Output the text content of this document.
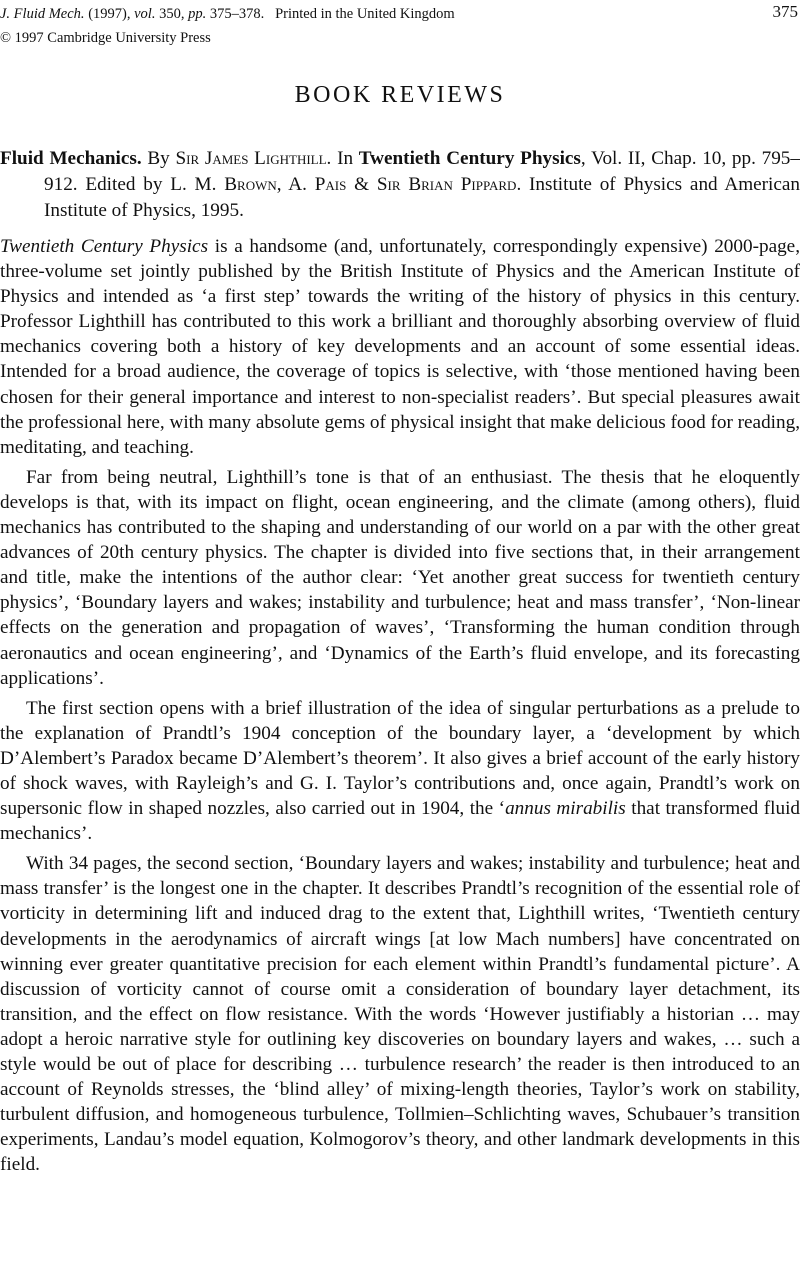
J. Fluid Mech. (1997), vol. 350, pp. 375–378. Printed in the United Kingdom
© 1997 Cambridge University Press
375
BOOK REVIEWS
Fluid Mechanics. By Sir James Lighthill. In Twentieth Century Physics, Vol. II, Chap. 10, pp. 795–912. Edited by L. M. Brown, A. Pais & Sir Brian Pippard. Institute of Physics and American Institute of Physics, 1995.

Twentieth Century Physics is a handsome (and, unfortunately, correspondingly expensive) 2000-page, three-volume set jointly published by the British Institute of Physics and the American Institute of Physics and intended as ‘a first step’ towards the writing of the history of physics in this century. Professor Lighthill has contributed to this work a brilliant and thoroughly absorbing overview of fluid mechanics covering both a history of key developments and an account of some essential ideas. Intended for a broad audience, the coverage of topics is selective, with ‘those mentioned having been chosen for their general importance and interest to non-specialist readers’. But special pleasures await the professional here, with many absolute gems of physical insight that make delicious food for reading, meditating, and teaching.

Far from being neutral, Lighthill’s tone is that of an enthusiast. The thesis that he eloquently develops is that, with its impact on flight, ocean engineering, and the climate (among others), fluid mechanics has contributed to the shaping and understanding of our world on a par with the other great advances of 20th century physics. The chapter is divided into five sections that, in their arrangement and title, make the intentions of the author clear: ‘Yet another great success for twentieth century physics’, ‘Boundary layers and wakes; instability and turbulence; heat and mass transfer’, ‘Non-linear effects on the generation and propagation of waves’, ‘Transforming the human condition through aeronautics and ocean engineering’, and ‘Dynamics of the Earth’s fluid envelope, and its forecasting applications’.

The first section opens with a brief illustration of the idea of singular perturbations as a prelude to the explanation of Prandtl’s 1904 conception of the boundary layer, a ‘development by which D’Alembert’s Paradox became D’Alembert’s theorem’. It also gives a brief account of the early history of shock waves, with Rayleigh’s and G. I. Taylor’s contributions and, once again, Prandtl’s work on supersonic flow in shaped nozzles, also carried out in 1904, the ‘annus mirabilis that transformed fluid mechanics’.

With 34 pages, the second section, ‘Boundary layers and wakes; instability and turbulence; heat and mass transfer’ is the longest one in the chapter. It describes Prandtl’s recognition of the essential role of vorticity in determining lift and induced drag to the extent that, Lighthill writes, ‘Twentieth century developments in the aerodynamics of aircraft wings [at low Mach numbers] have concentrated on winning ever greater quantitative precision for each element within Prandtl’s fundamental picture’. A discussion of vorticity cannot of course omit a consideration of boundary layer detachment, its transition, and the effect on flow resistance. With the words ‘However justifiably a historian … may adopt a heroic narrative style for outlining key discoveries on boundary layers and wakes, … such a style would be out of place for describing … turbulence research’ the reader is then introduced to an account of Reynolds stresses, the ‘blind alley’ of mixing-length theories, Taylor’s work on stability, turbulent diffusion, and homogeneous turbulence, Tollmien–Schlichting waves, Schubauer’s transition experiments, Landau’s model equation, Kolmogorov’s theory, and other landmark developments in this field.
